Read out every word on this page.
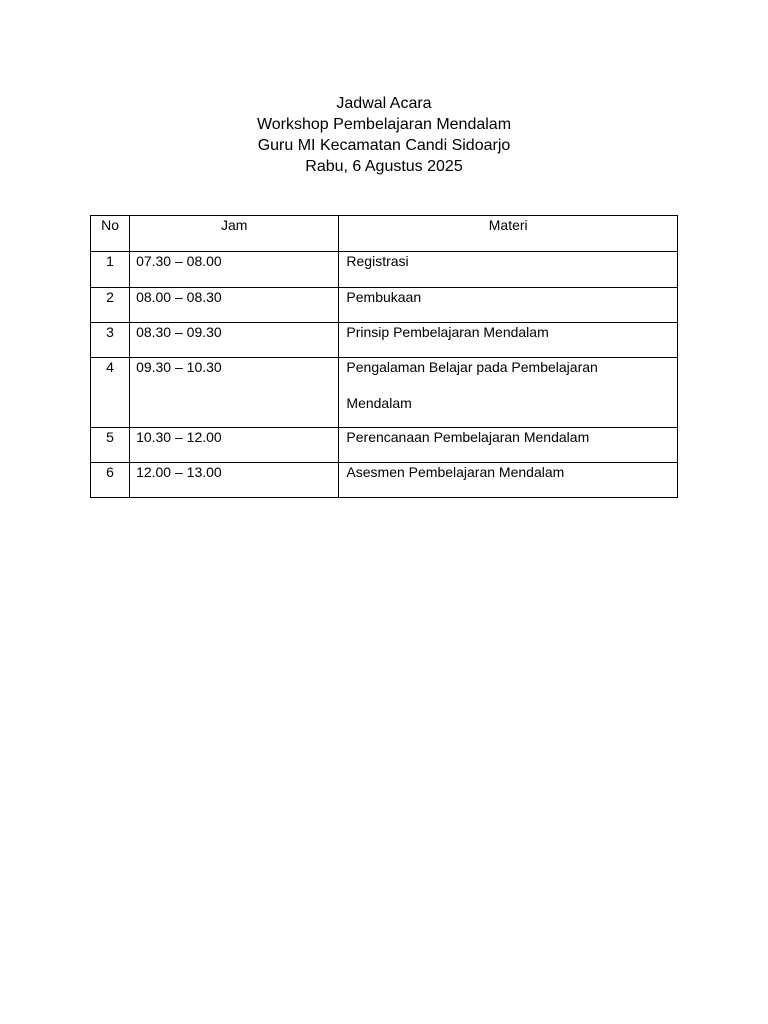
Jadwal Acara
Workshop Pembelajaran Mendalam
Guru MI Kecamatan Candi Sidoarjo
Rabu, 6 Agustus 2025
No	Jam	Materi

1	07.30 – 08.00	Registrasi

2	08.00 – 08.30	Pembukaan

3	08.30 – 09.30	Prinsip Pembelajaran Mendalam

4	09.30 – 10.30	Pengalaman Belajar pada Pembelajaran Mendalam

5	10.30 – 12.00	Perencanaan Pembelajaran Mendalam

6	12.00 – 13.00	Asesmen Pembelajaran Mendalam
